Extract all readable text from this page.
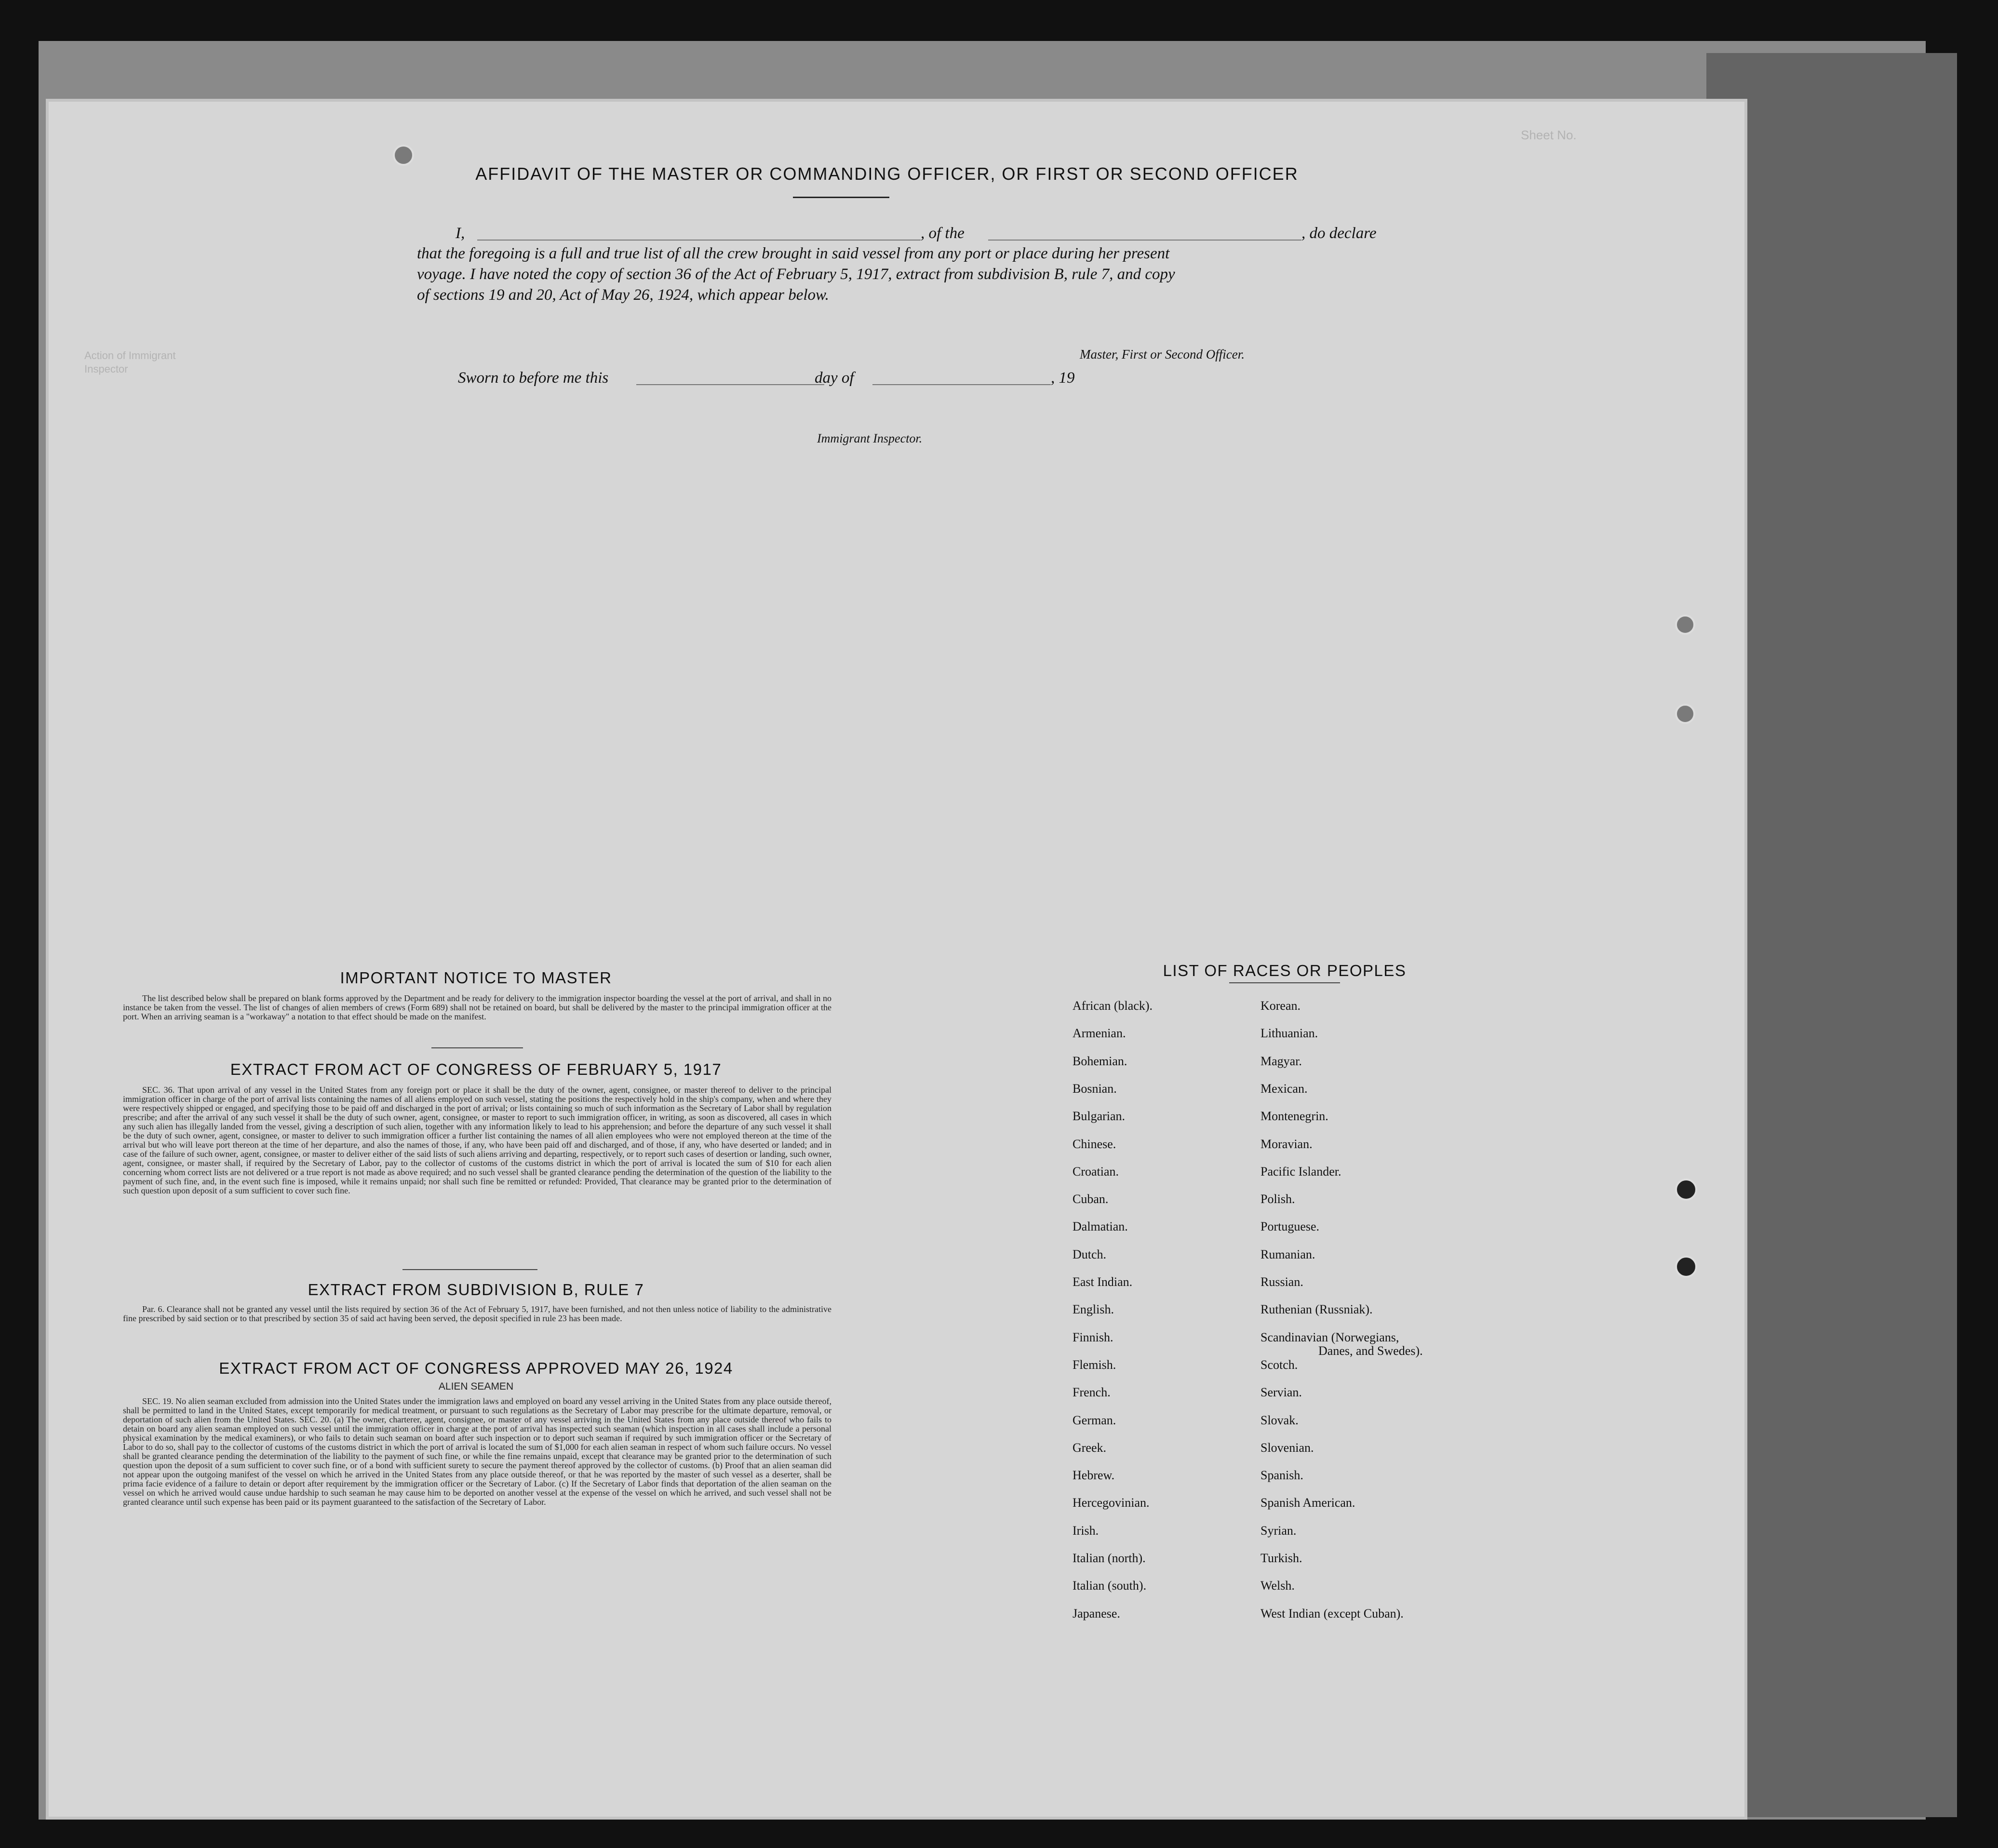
Sheet No.
Action of Immigrant
Inspector
AFFIDAVIT OF THE MASTER OR COMMANDING OFFICER, OR FIRST OR SECOND OFFICER
I,	, of the	, do declare
that the foregoing is a full and true list of all the crew brought in said vessel from any port or place during her present
voyage. I have noted the copy of section 36 of the Act of February 5, 1917, extract from subdivision B, rule 7, and copy
of sections 19 and 20, Act of May 26, 1924, which appear below.
Master, First or Second Officer.
Sworn to before me this	day of	, 19
Immigrant Inspector.
IMPORTANT NOTICE TO MASTER

The list described below shall be prepared on blank forms approved by the Department and be ready for delivery to the immigration inspector boarding the vessel at the port of arrival, and shall in no instance be taken from the vessel. The list of changes of alien members of crews (Form 689) shall not be retained on board, but shall be delivered by the master to the principal immigration officer at the port. When an arriving seaman is a "workaway" a notation to that effect should be made on the manifest.

EXTRACT FROM ACT OF CONGRESS OF FEBRUARY 5, 1917

SEC. 36. That upon arrival of any vessel in the United States from any foreign port or place it shall be the duty of the owner, agent, consignee, or master thereof to deliver to the principal immigration officer in charge of the port of arrival lists containing the names of all aliens employed on such vessel, stating the positions the respectively hold in the ship's company, when and where they were respectively shipped or engaged, and specifying those to be paid off and discharged in the port of arrival; or lists containing so much of such information as the Secretary of Labor shall by regulation prescribe; and after the arrival of any such vessel it shall be the duty of such owner, agent, consignee, or master to report to such immigration officer, in writing, as soon as discovered, all cases in which any such alien has illegally landed from the vessel, giving a description of such alien, together with any information likely to lead to his apprehension; and before the departure of any such vessel it shall be the duty of such owner, agent, consignee, or master to deliver to such immigration officer a further list containing the names of all alien employees who were not employed thereon at the time of the arrival but who will leave port thereon at the time of her departure, and also the names of those, if any, who have been paid off and discharged, and of those, if any, who have deserted or landed; and in case of the failure of such owner, agent, consignee, or master to deliver either of the said lists of such aliens arriving and departing, respectively, or to report such cases of desertion or landing, such owner, agent, consignee, or master shall, if required by the Secretary of Labor, pay to the collector of customs of the customs district in which the port of arrival is located the sum of $10 for each alien concerning whom correct lists are not delivered or a true report is not made as above required; and no such vessel shall be granted clearance pending the determination of the question of the liability to the payment of such fine, and, in the event such fine is imposed, while it remains unpaid; nor shall such fine be remitted or refunded: Provided, That clearance may be granted prior to the determination of such question upon deposit of a sum sufficient to cover such fine.

EXTRACT FROM SUBDIVISION B, RULE 7

Par. 6. Clearance shall not be granted any vessel until the lists required by section 36 of the Act of February 5, 1917, have been furnished, and not then unless notice of liability to the administrative fine prescribed by said section or to that prescribed by section 35 of said act having been served, the deposit specified in rule 23 has been made.

EXTRACT FROM ACT OF CONGRESS APPROVED MAY 26, 1924
ALIEN SEAMEN

SEC. 19. No alien seaman excluded from admission into the United States under the immigration laws and employed on board any vessel arriving in the United States from any place outside thereof, shall be permitted to land in the United States, except temporarily for medical treatment, or pursuant to such regulations as the Secretary of Labor may prescribe for the ultimate departure, removal, or deportation of such alien from the United States. SEC. 20. (a) The owner, charterer, agent, consignee, or master of any vessel arriving in the United States from any place outside thereof who fails to detain on board any alien seaman employed on such vessel until the immigration officer in charge at the port of arrival has inspected such seaman (which inspection in all cases shall include a personal physical examination by the medical examiners), or who fails to detain such seaman on board after such inspection or to deport such seaman if required by such immigration officer or the Secretary of Labor to do so, shall pay to the collector of customs of the customs district in which the port of arrival is located the sum of $1,000 for each alien seaman in respect of whom such failure occurs. No vessel shall be granted clearance pending the determination of the liability to the payment of such fine, or while the fine remains unpaid, except that clearance may be granted prior to the determination of such question upon the deposit of a sum sufficient to cover such fine, or of a bond with sufficient surety to secure the payment thereof approved by the collector of customs. (b) Proof that an alien seaman did not appear upon the outgoing manifest of the vessel on which he arrived in the United States from any place outside thereof, or that he was reported by the master of such vessel as a deserter, shall be prima facie evidence of a failure to detain or deport after requirement by the immigration officer or the Secretary of Labor. (c) If the Secretary of Labor finds that deportation of the alien seaman on the vessel on which he arrived would cause undue hardship to such seaman he may cause him to be deported on another vessel at the expense of the vessel on which he arrived, and such vessel shall not be granted clearance until such expense has been paid or its payment guaranteed to the satisfaction of the Secretary of Labor.

LIST OF RACES OR PEOPLES
African (black).
Armenian.
Bohemian.
Bosnian.
Bulgarian.
Chinese.
Croatian.
Cuban.
Dalmatian.
Dutch.
East Indian.
English.
Finnish.
Flemish.
French.
German.
Greek.
Hebrew.
Hercegovinian.
Irish.
Italian (north).
Italian (south).
Japanese.
Korean.
Lithuanian.
Magyar.
Mexican.
Montenegrin.
Moravian.
Pacific Islander.
Polish.
Portuguese.
Rumanian.
Russian.
Ruthenian (Russniak).
Scandinavian (Norwegians,
Danes, and Swedes).
Scotch.
Servian.
Slovak.
Slovenian.
Spanish.
Spanish American.
Syrian.
Turkish.
Welsh.
West Indian (except Cuban).
